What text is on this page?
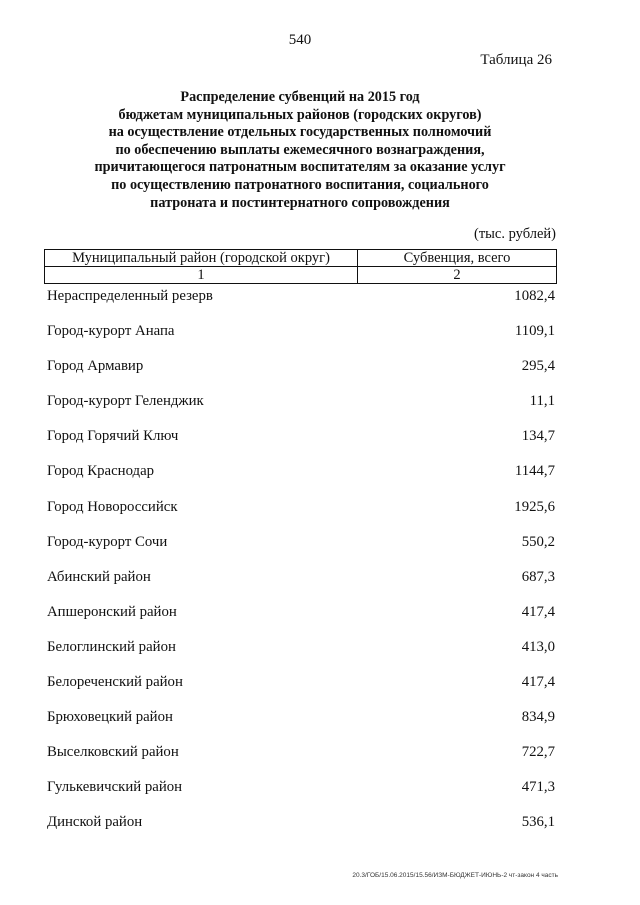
540
Таблица 26
Распределение субвенций на 2015 год
бюджетам муниципальных районов (городских округов)
на осуществление отдельных государственных полномочий
по обеспечению выплаты ежемесячного вознаграждения,
причитающегося патронатным воспитателям за оказание услуг
по осуществлению патронатного воспитания, социального
патроната и постинтернатного сопровождения
(тыс. рублей)
Муниципальный район (городской округ)	Субвенция, всего
1	2
Нераспределенный резерв	1082,4
Город-курорт Анапа	1109,1
Город Армавир	295,4
Город-курорт Геленджик	11,1
Город Горячий Ключ	134,7
Город Краснодар	1144,7
Город Новороссийск	1925,6
Город-курорт Сочи	550,2
Абинский район	687,3
Апшеронский район	417,4
Белоглинский район	413,0
Белореченский район	417,4
Брюховецкий район	834,9
Выселковский район	722,7
Гулькевичский район	471,3
Динской район	536,1
20.3/ГОБ/15.06.2015/15.56/ИЗМ-БЮДЖЕТ-ИЮНЬ-2 чт-закон 4 часть
